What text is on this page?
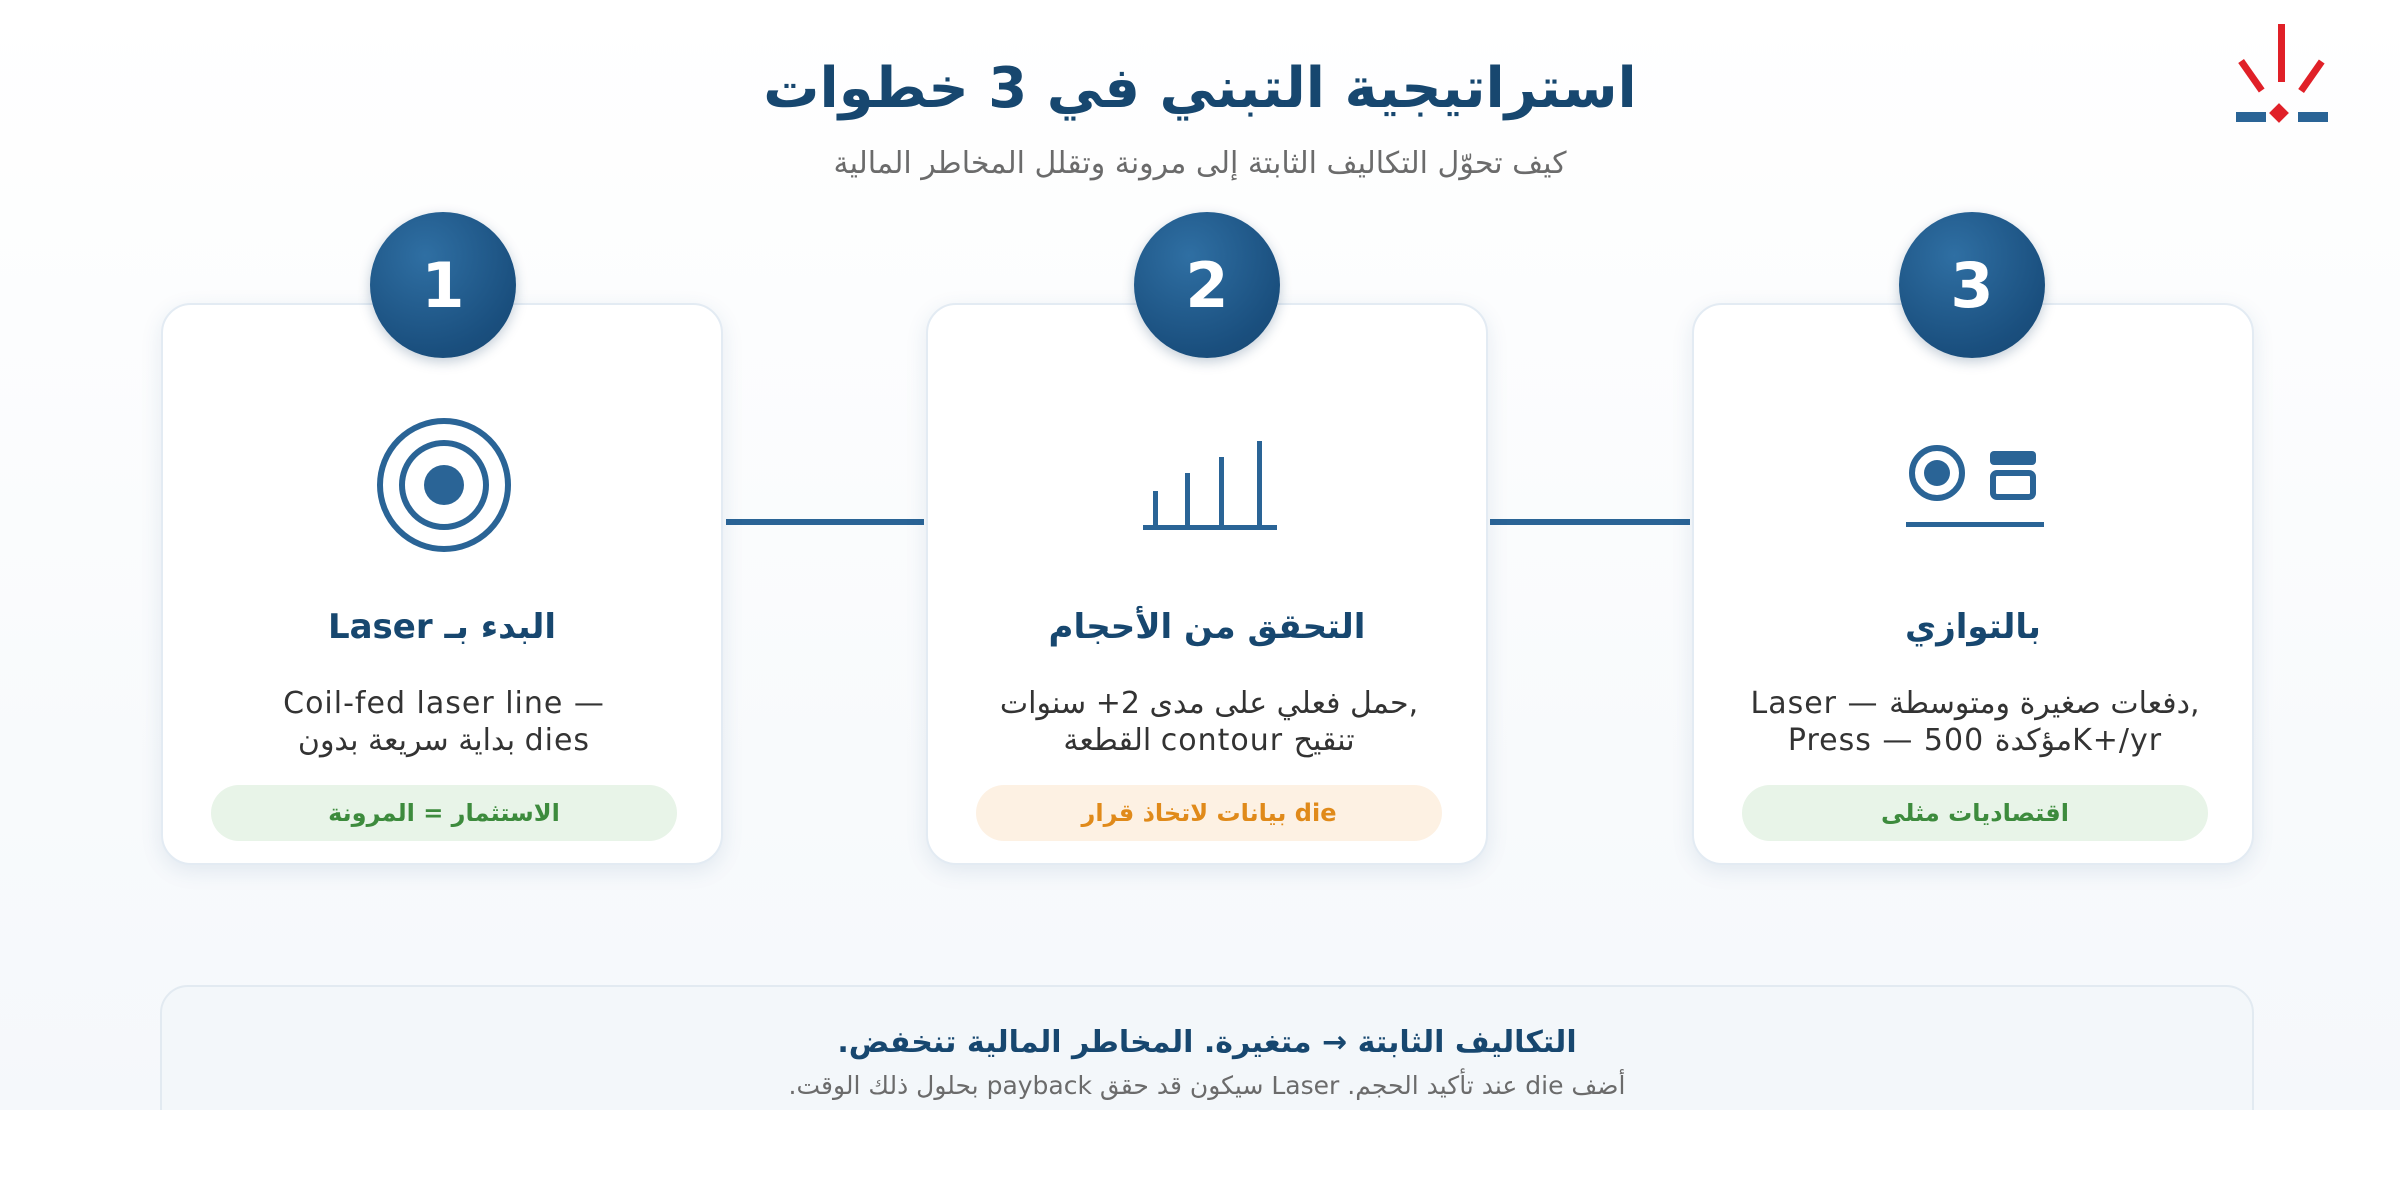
استراتيجية التبني في 3 خطوات
كيف تحوّل التكاليف الثابتة إلى مرونة وتقلل المخاطر المالية
البدء بـ Laser
Coil-fed laser line —
بداية سريعة بدون dies
الاستثمار = المرونة
1
التحقق من الأحجام
حمل فعلي على مدى 2+ سنوات,
القطعة contour تنقيح
die بيانات لاتخاذ قرار
2
بالتوازي
Laser — دفعات صغيرة ومتوسطة,
Press — 500 مؤكدةK+/yr
اقتصاديات مثلى
3
.التكاليف الثابتة → متغيرة. المخاطر المالية تنخفض
.بحلول ذلك الوقت payback سيكون قد حقق Laser .عند تأكيد الحجم die أضف
